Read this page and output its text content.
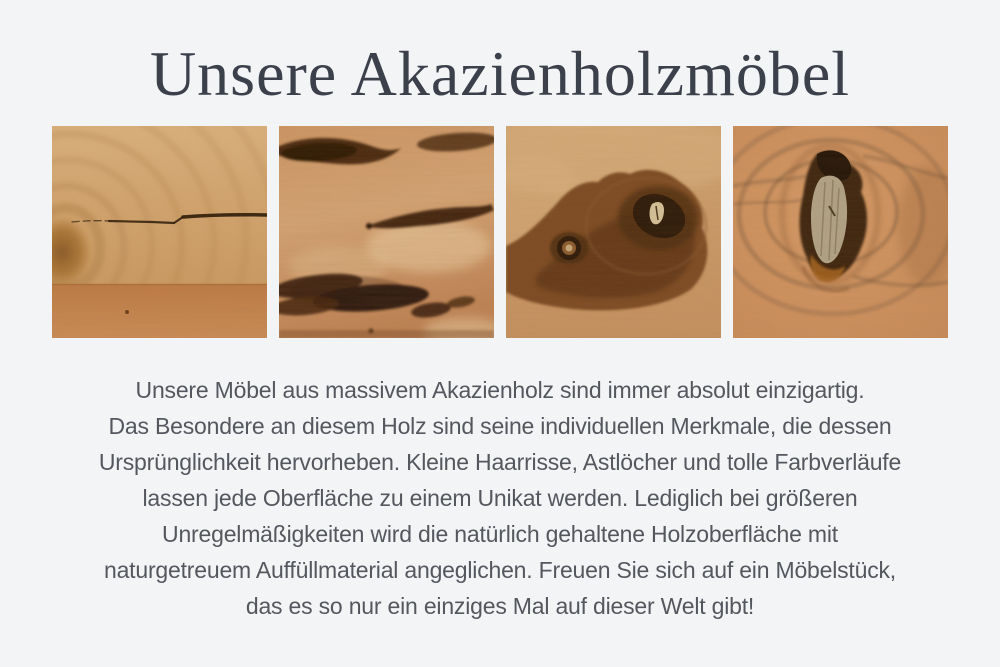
Unsere Akazienholzmöbel
Unsere Möbel aus massivem Akazienholz sind immer absolut einzigartig.
Das Besondere an diesem Holz sind seine individuellen Merkmale, die dessen
Ursprünglichkeit hervorheben. Kleine Haarrisse, Astlöcher und tolle Farbverläufe
lassen jede Oberfläche zu einem Unikat werden. Lediglich bei größeren
Unregelmäßigkeiten wird die natürlich gehaltene Holzoberfläche mit
naturgetreuem Auffüllmaterial angeglichen. Freuen Sie sich auf ein Möbelstück,
das es so nur ein einziges Mal auf dieser Welt gibt!
